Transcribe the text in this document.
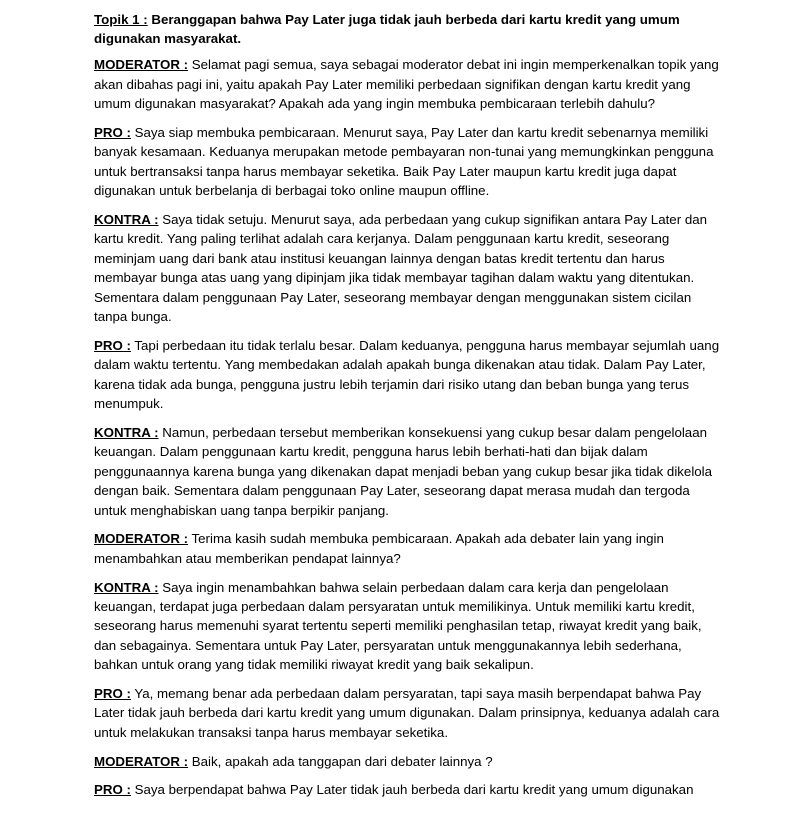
Topik 1 : Beranggapan bahwa Pay Later juga tidak jauh berbeda dari kartu kredit yang umum digunakan masyarakat.

MODERATOR : Selamat pagi semua, saya sebagai moderator debat ini ingin memperkenalkan topik yang akan dibahas pagi ini, yaitu apakah Pay Later memiliki perbedaan signifikan dengan kartu kredit yang umum digunakan masyarakat? Apakah ada yang ingin membuka pembicaraan terlebih dahulu?

PRO : Saya siap membuka pembicaraan. Menurut saya, Pay Later dan kartu kredit sebenarnya memiliki banyak kesamaan. Keduanya merupakan metode pembayaran non-tunai yang memungkinkan pengguna untuk bertransaksi tanpa harus membayar seketika. Baik Pay Later maupun kartu kredit juga dapat digunakan untuk berbelanja di berbagai toko online maupun offline.

KONTRA : Saya tidak setuju. Menurut saya, ada perbedaan yang cukup signifikan antara Pay Later dan kartu kredit. Yang paling terlihat adalah cara kerjanya. Dalam penggunaan kartu kredit, seseorang meminjam uang dari bank atau institusi keuangan lainnya dengan batas kredit tertentu dan harus membayar bunga atas uang yang dipinjam jika tidak membayar tagihan dalam waktu yang ditentukan. Sementara dalam penggunaan Pay Later, seseorang membayar dengan menggunakan sistem cicilan tanpa bunga.

PRO : Tapi perbedaan itu tidak terlalu besar. Dalam keduanya, pengguna harus membayar sejumlah uang dalam waktu tertentu. Yang membedakan adalah apakah bunga dikenakan atau tidak. Dalam Pay Later, karena tidak ada bunga, pengguna justru lebih terjamin dari risiko utang dan beban bunga yang terus menumpuk.

KONTRA : Namun, perbedaan tersebut memberikan konsekuensi yang cukup besar dalam pengelolaan keuangan. Dalam penggunaan kartu kredit, pengguna harus lebih berhati-hati dan bijak dalam penggunaannya karena bunga yang dikenakan dapat menjadi beban yang cukup besar jika tidak dikelola dengan baik. Sementara dalam penggunaan Pay Later, seseorang dapat merasa mudah dan tergoda untuk menghabiskan uang tanpa berpikir panjang.

MODERATOR : Terima kasih sudah membuka pembicaraan. Apakah ada debater lain yang ingin menambahkan atau memberikan pendapat lainnya?

KONTRA : Saya ingin menambahkan bahwa selain perbedaan dalam cara kerja dan pengelolaan keuangan, terdapat juga perbedaan dalam persyaratan untuk memilikinya. Untuk memiliki kartu kredit, seseorang harus memenuhi syarat tertentu seperti memiliki penghasilan tetap, riwayat kredit yang baik, dan sebagainya. Sementara untuk Pay Later, persyaratan untuk menggunakannya lebih sederhana, bahkan untuk orang yang tidak memiliki riwayat kredit yang baik sekalipun.

PRO : Ya, memang benar ada perbedaan dalam persyaratan, tapi saya masih berpendapat bahwa Pay Later tidak jauh berbeda dari kartu kredit yang umum digunakan. Dalam prinsipnya, keduanya adalah cara untuk melakukan transaksi tanpa harus membayar seketika.

MODERATOR : Baik, apakah ada tanggapan dari debater lainnya ?

PRO : Saya berpendapat bahwa Pay Later tidak jauh berbeda dari kartu kredit yang umum digunakan
